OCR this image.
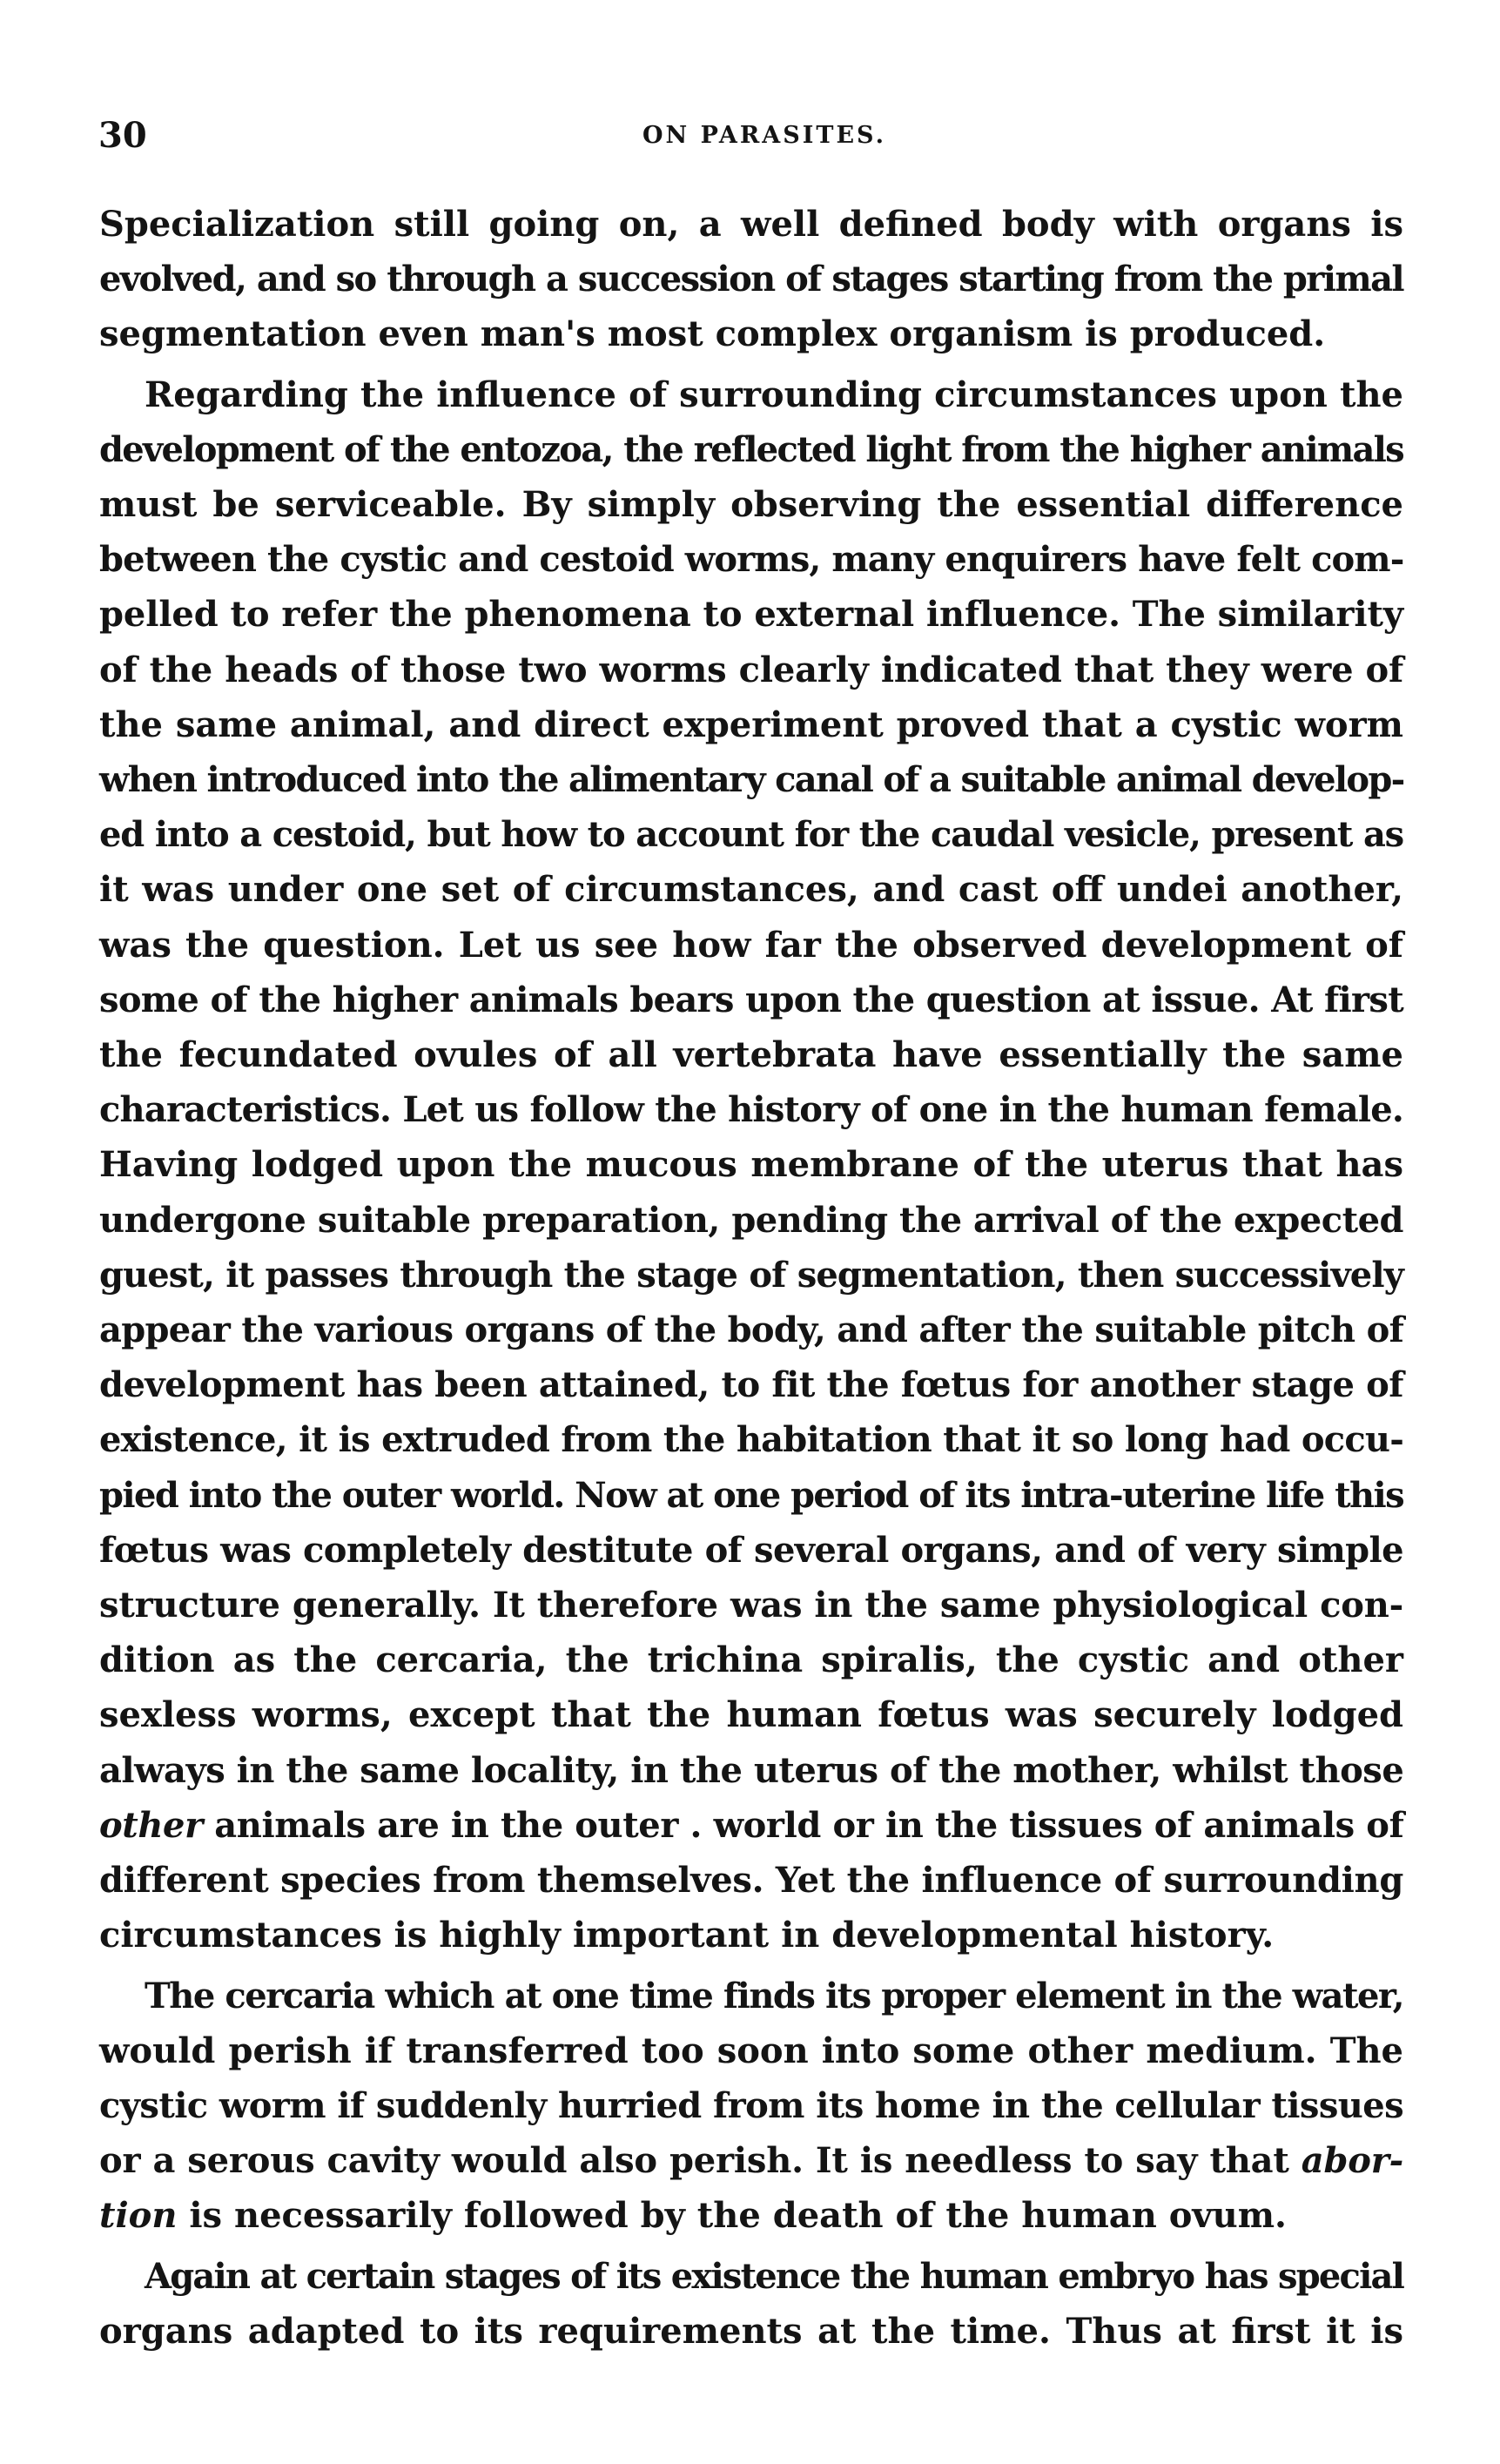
30	ON PARASITES.

Specialization still going on, a well defined body with organs is
evolved, and so through a succession of stages starting from the primal
segmentation even man's most complex organism is produced.

Regarding the influence of surrounding circumstances upon the
development of the entozoa, the reflected light from the higher animals
must be serviceable. By simply observing the essential difference
between the cystic and cestoid worms, many enquirers have felt com-
pelled to refer the phenomena to external influence. The similarity
of the heads of those two worms clearly indicated that they were of
the same animal, and direct experiment proved that a cystic worm
when introduced into the alimentary canal of a suitable animal develop-
ed into a cestoid, but how to account for the caudal vesicle, present as
it was under one set of circumstances, and cast off undei another,
was the question. Let us see how far the observed development of
some of the higher animals bears upon the question at issue. At first
the fecundated ovules of all vertebrata have essentially the same
characteristics. Let us follow the history of one in the human female.
Having lodged upon the mucous membrane of the uterus that has
undergone suitable preparation, pending the arrival of the expected
guest, it passes through the stage of segmentation, then successively
appear the various organs of the body, and after the suitable pitch of
development has been attained, to fit the fœtus for another stage of
existence, it is extruded from the habitation that it so long had occu-
pied into the outer world. Now at one period of its intra-uterine life this
fœtus was completely destitute of several organs, and of very simple
structure generally. It therefore was in the same physiological con-
dition as the cercaria, the trichina spiralis, the cystic and other
sexless worms, except that the human fœtus was securely lodged
always in the same locality, in the uterus of the mother, whilst those
other animals are in the outer . world or in the tissues of animals of
different species from themselves. Yet the influence of surrounding
circumstances is highly important in developmental history.

The cercaria which at one time finds its proper element in the water,
would perish if transferred too soon into some other medium. The
cystic worm if suddenly hurried from its home in the cellular tissues
or a serous cavity would also perish. It is needless to say that abor-
tion is necessarily followed by the death of the human ovum.

Again at certain stages of its existence the human embryo has special
organs adapted to its requirements at the time. Thus at first it is
